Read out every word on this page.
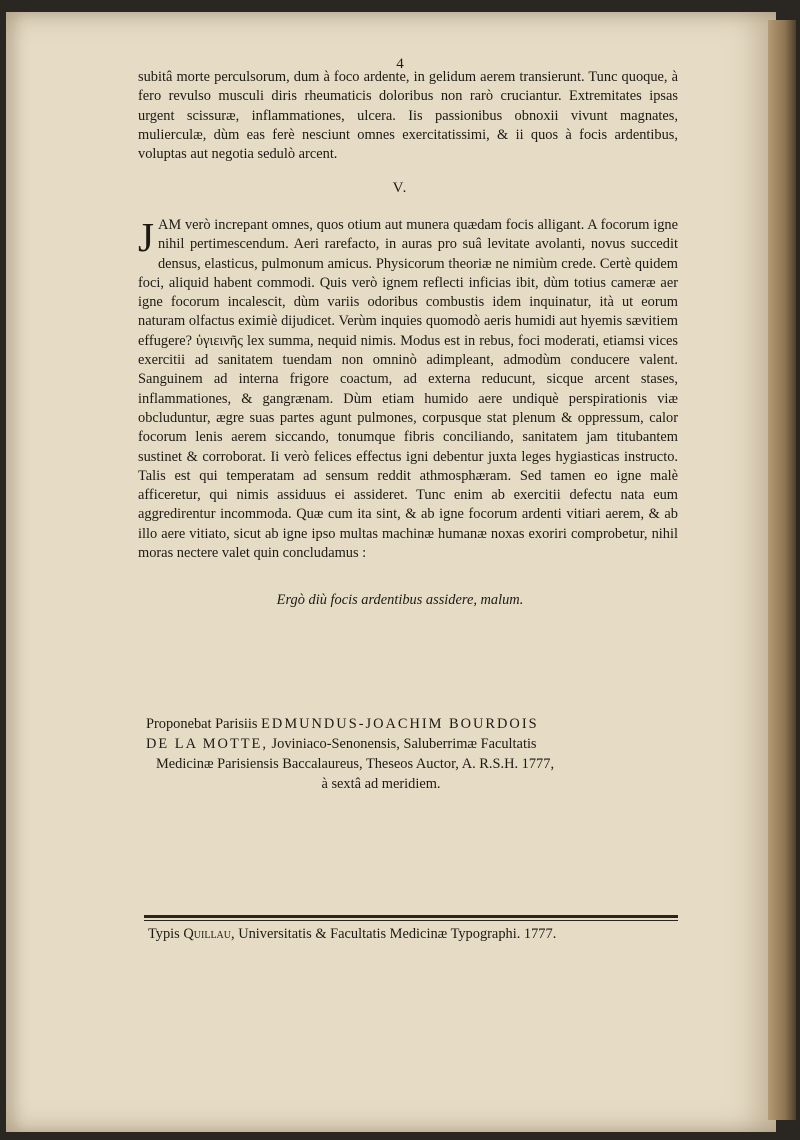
4

subitâ morte perculsorum, dum à foco ardente, in gelidum aerem transierunt. Tunc quoque, à fero revulso musculi diris rheumaticis doloribus non rarò cruciantur. Extremitates ipsas urgent scissuræ, inflammationes, ulcera. Iis passionibus obnoxii vivunt magnates, mulierculæ, dùm eas ferè nesciunt omnes exercitatissimi, & ii quos à focis ardentibus, voluptas aut negotia sedulò arcent.

V.
J AM verò increpant omnes, quos otium aut munera quædam focis alligant. A focorum igne nihil pertimescendum. Aeri rarefacto, in auras pro suâ levitate avolanti, novus succedit densus, elasticus, pulmonum amicus. Physicorum theoriæ ne nimiùm crede. Certè quidem foci, aliquid habent commodi. Quis verò ignem reflecti inficias ibit, dùm totius cameræ aer igne focorum incalescit, dùm variis odoribus combustis idem inquinatur, ità ut eorum naturam olfactus eximiè dijudicet. Verùm inquies quomodò aeris humidi aut hyemis sævitiem effugere? ὑγιεινῆς lex summa, nequid nimis. Modus est in rebus, foci moderati, etiamsi vices exercitii ad sanitatem tuendam non omninò adimpleant, admodùm conducere valent. Sanguinem ad interna frigore coactum, ad externa reducunt, sicque arcent stases, inflammationes, & gangrænam. Dùm etiam humido aere undiquè perspirationis viæ obcluduntur, ægre suas partes agunt pulmones, corpusque stat plenum & oppressum, calor focorum lenis aerem siccando, tonumque fibris conciliando, sanitatem jam titubantem sustinet & corroborat. Ii verò felices effectus igni debentur juxta leges hygiasticas instructo. Talis est qui temperatam ad sensum reddit athmosphæram. Sed tamen eo igne malè afficeretur, qui nimis assiduus ei assideret. Tunc enim ab exercitii defectu nata eum aggredirentur incommoda. Quæ cum ita sint, & ab igne focorum ardenti vitiari aerem, & ab illo aere vitiato, sicut ab igne ipso multas machinæ humanæ noxas exoriri comprobetur, nihil moras nectere valet quin concludamus :

Ergò diù focis ardentibus assidere, malum.
Proponebat Parisiis EDMUNDUS-JOACHIM BOURDOIS
DE LA MOTTE, Joviniaco-Senonensis, Saluberrimæ Facultatis
Medicinæ Parisiensis Baccalaureus, Theseos Auctor, A. R.S.H. 1777,
à sextâ ad meridiem.
Typis Quillau, Universitatis & Facultatis Medicinæ Typographi. 1777.
